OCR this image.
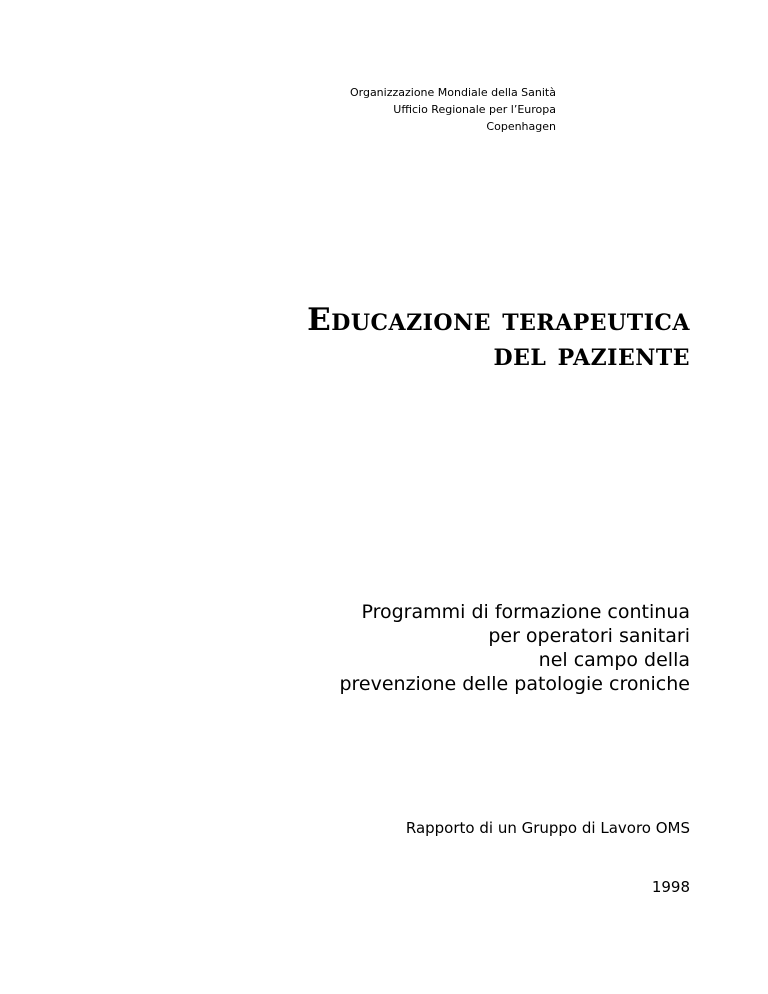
Organizzazione Mondiale della Sanità
Ufficio Regionale per l’Europa
Copenhagen
Educazione terapeutica
del paziente
Programmi di formazione continua
per operatori sanitari
nel campo della
prevenzione delle patologie croniche
Rapporto di un Gruppo di Lavoro OMS
1998
